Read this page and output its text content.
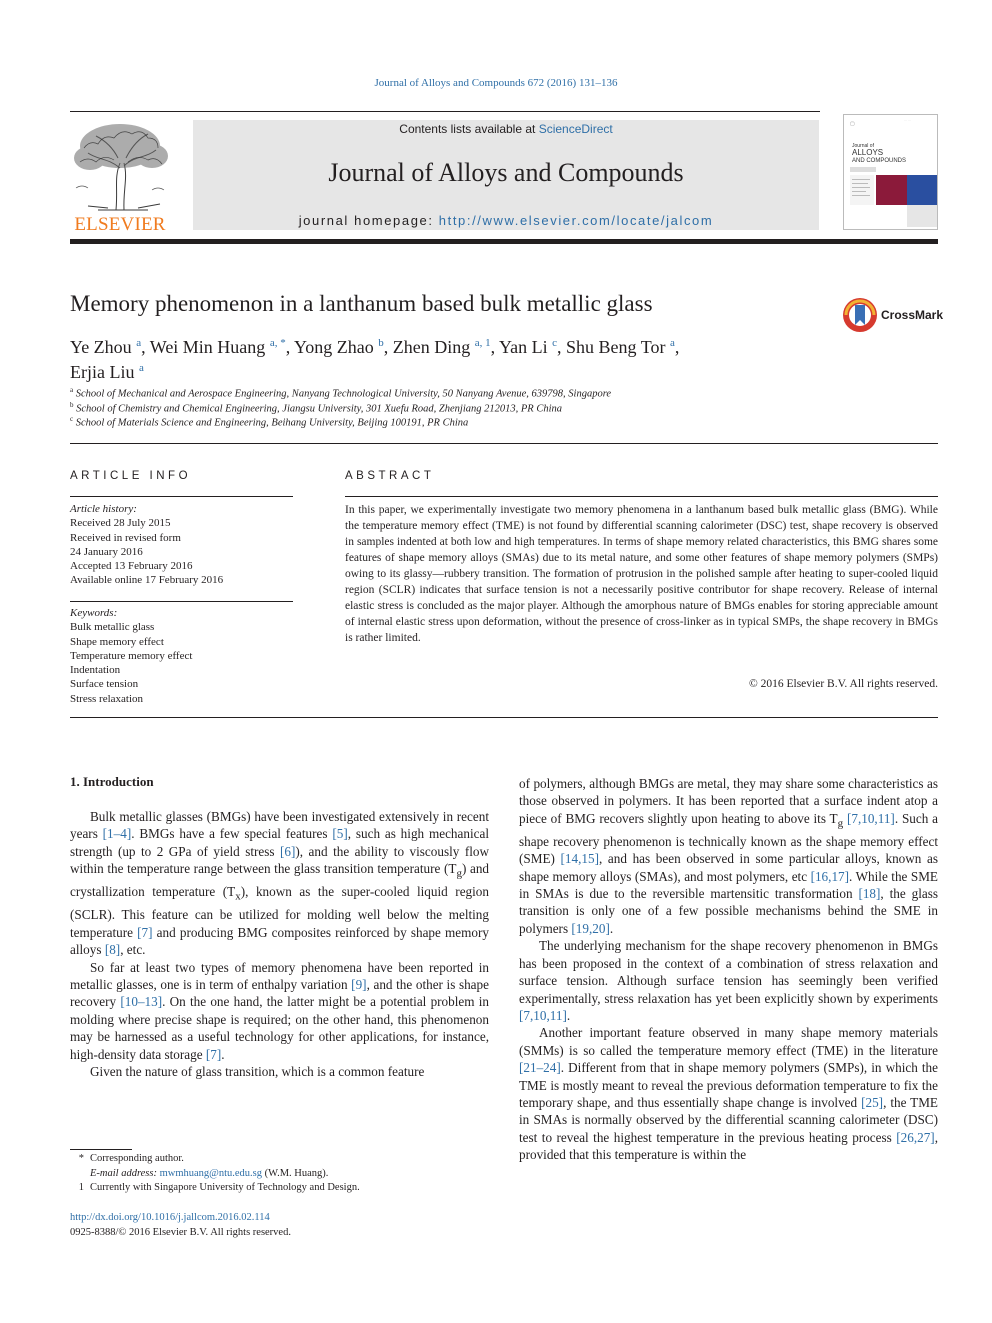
Journal of Alloys and Compounds 672 (2016) 131–136
ELSEVIER
Contents lists available at ScienceDirect
Journal of Alloys and Compounds
journal homepage: http://www.elsevier.com/locate/jalcom
▢
··· ···
Journal of
ALLOYS
AND COMPOUNDS
Memory phenomenon in a lanthanum based bulk metallic glass	CrossMark
Ye Zhou $^a$, Wei Min Huang $^{a, *}$, Yong Zhao $^b$, Zhen Ding $^{a, 1}$, Yan Li $^c$, Shu Beng Tor $^a$,
Erjia Liu $^a$
$^a$ School of Mechanical and Aerospace Engineering, Nanyang Technological University, 50 Nanyang Avenue, 639798, Singapore
$^b$ School of Chemistry and Chemical Engineering, Jiangsu University, 301 Xuefu Road, Zhenjiang 212013, PR China
$^c$ School of Materials Science and Engineering, Beihang University, Beijing 100191, PR China
ARTICLE INFO
Article history:
Received 28 July 2015
Received in revised form
24 January 2016
Accepted 13 February 2016
Available online 17 February 2016
Keywords:
Bulk metallic glass
Shape memory effect
Temperature memory effect
Indentation
Surface tension
Stress relaxation
ABSTRACT
In this paper, we experimentally investigate two memory phenomena in a lanthanum based bulk metallic glass (BMG). While the temperature memory effect (TME) is not found by differential scanning calorimeter (DSC) test, shape recovery is observed in samples indented at both low and high temperatures. In terms of shape memory related characteristics, this BMG shares some features of shape memory alloys (SMAs) due to its metal nature, and some other features of shape memory polymers (SMPs) owing to its glassy—rubbery transition. The formation of protrusion in the polished sample after heating to super-cooled liquid region (SCLR) indicates that surface tension is not a necessarily positive contributor for shape recovery. Release of internal elastic stress is concluded as the major player. Although the amorphous nature of BMGs enables for storing appreciable amount of internal elastic stress upon deformation, without the presence of cross-linker as in typical SMPs, the shape recovery in BMGs is rather limited.
© 2016 Elsevier B.V. All rights reserved.
1. Introduction

Bulk metallic glasses (BMGs) have been investigated extensively in recent years [1–4]. BMGs have a few special features [5], such as high mechanical strength (up to 2 GPa of yield stress [6]), and the ability to viscously flow within the temperature range between the glass transition temperature $(T_g)$ and crystallization temperature $(T_x)$, known as the super-cooled liquid region (SCLR). This feature can be utilized for molding well below the melting temperature [7] and producing BMG composites reinforced by shape memory alloys [8], etc.

So far at least two types of memory phenomena have been reported in metallic glasses, one is in term of enthalpy variation [9], and the other is shape recovery [10–13]. On the one hand, the latter might be a potential problem in molding where precise shape is required; on the other hand, this phenomenon may be harnessed as a useful technology for other applications, for instance, high-density data storage [7].

Given the nature of glass transition, which is a common feature

of polymers, although BMGs are metal, they may share some characteristics as those observed in polymers. It has been reported that a surface indent atop a piece of BMG recovers slightly upon heating to above its $T_g$ [7,10,11]. Such a shape recovery phenomenon is technically known as the shape memory effect (SME) [14,15], and has been observed in some particular alloys, known as shape memory alloys (SMAs), and most polymers, etc [16,17]. While the SME in SMAs is due to the reversible martensitic transformation [18], the glass transition is only one of a few possible mechanisms behind the SME in polymers [19,20].

The underlying mechanism for the shape recovery phenomenon in BMGs has been proposed in the context of a combination of stress relaxation and surface tension. Although surface tension has seemingly been verified experimentally, stress relaxation has yet been explicitly shown by experiments [7,10,11].

Another important feature observed in many shape memory materials (SMMs) is so called the temperature memory effect (TME) in the literature [21–24]. Different from that in shape memory polymers (SMPs), in which the TME is mostly meant to reveal the previous deformation temperature to fix the temporary shape, and thus essentially shape change is involved [25], the TME in SMAs is normally observed by the differential scanning calorimeter (DSC) test to reveal the highest temperature in the previous heating process [26,27], provided that this temperature is within the

* Corresponding author.
E-mail address: mwmhuang@ntu.edu.sg (W.M. Huang).
1 Currently with Singapore University of Technology and Design.
http://dx.doi.org/10.1016/j.jallcom.2016.02.114
0925-8388/© 2016 Elsevier B.V. All rights reserved.
